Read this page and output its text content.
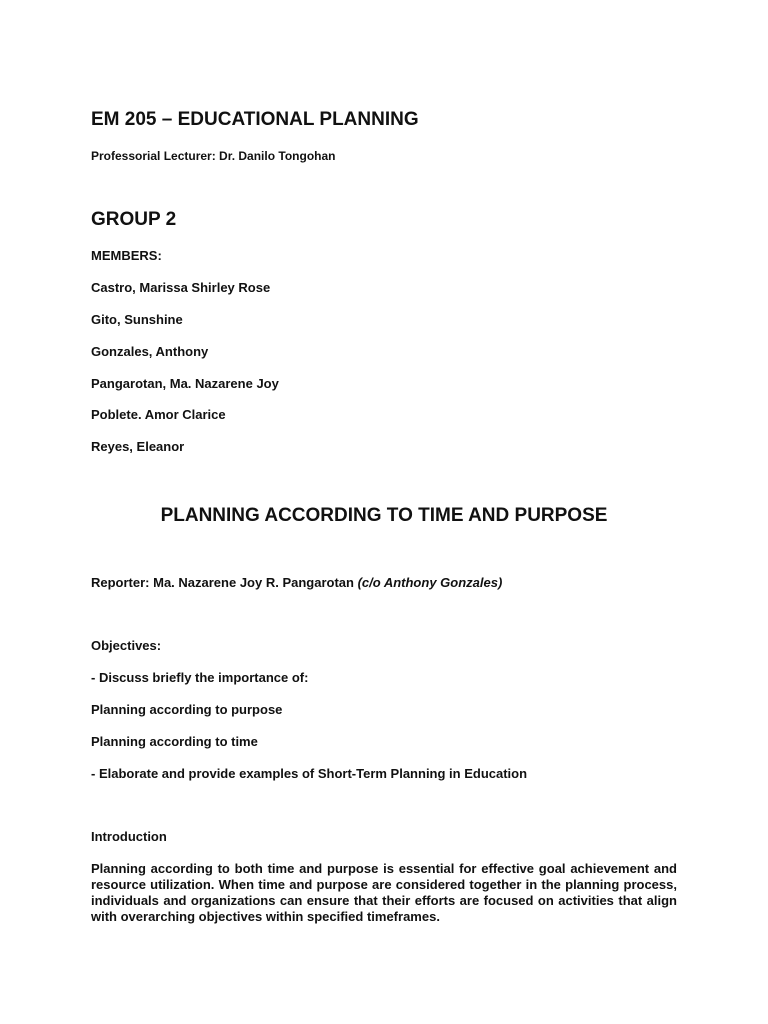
EM 205 – EDUCATIONAL PLANNING
Professorial Lecturer: Dr. Danilo Tongohan
GROUP 2
MEMBERS:
Castro, Marissa Shirley Rose
Gito, Sunshine
Gonzales, Anthony
Pangarotan, Ma. Nazarene Joy
Poblete. Amor Clarice
Reyes, Eleanor
PLANNING ACCORDING TO TIME AND PURPOSE
Reporter: Ma. Nazarene Joy R. Pangarotan (c/o Anthony Gonzales)
Objectives:
- Discuss briefly the importance of:
Planning according to purpose
Planning according to time
- Elaborate and provide examples of Short-Term Planning in Education
Introduction
Planning according to both time and purpose is essential for effective goal achievement and resource utilization. When time and purpose are considered together in the planning process, individuals and organizations can ensure that their efforts are focused on activities that align with overarching objectives within specified timeframes.
